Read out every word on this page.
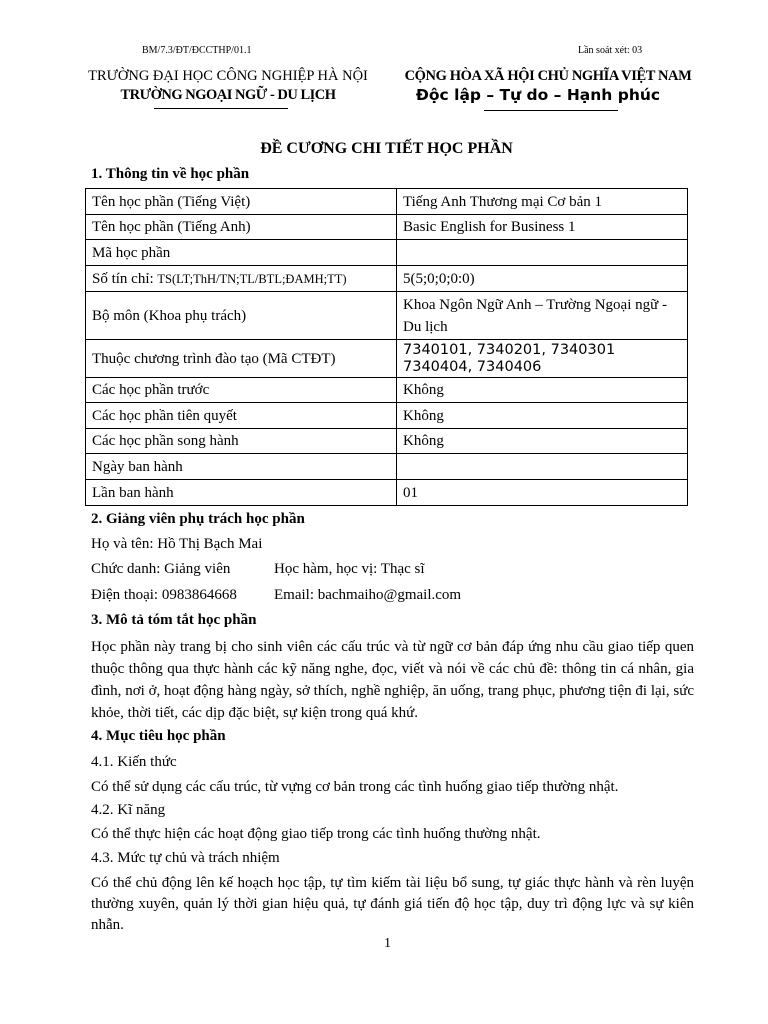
BM/7.3/ĐT/ĐCCTHP/01.1	Lần soát xét: 03
TRƯỜNG ĐẠI HỌC CÔNG NGHIỆP HÀ NỘI
TRƯỜNG NGOẠI NGỮ - DU LỊCH
CỘNG HÒA XÃ HỘI CHỦ NGHĨA VIỆT NAM
Độc lập – Tự do – Hạnh phúc
ĐỀ CƯƠNG CHI TIẾT HỌC PHẦN
1. Thông tin về học phần
Tên học phần (Tiếng Việt)	Tiếng Anh Thương mại Cơ bản 1
Tên học phần (Tiếng Anh)	Basic English for Business 1
Mã học phần	
Số tín chỉ: TS(LT;ThH/TN;TL/BTL;ĐAMH;TT)	5(5;0;0;0:0)
Bộ môn (Khoa phụ trách)	Khoa Ngôn Ngữ Anh – Trường Ngoại ngữ - Du lịch
Thuộc chương trình đào tạo (Mã CTĐT)	7340101, 7340201, 7340301
7340404, 7340406

Các học phần trước	Không
Các học phần tiên quyết	Không
Các học phần song hành	Không
Ngày ban hành	
Lần ban hành	01
2. Giảng viên phụ trách học phần
Họ và tên: Hồ Thị Bạch Mai
Chức danh: Giảng viên	Học hàm, học vị: Thạc sĩ
Điện thoại: 0983864668 Email: bachmaiho@gmail.com
3. Mô tả tóm tắt học phần
Học phần này trang bị cho sinh viên các cấu trúc và từ ngữ cơ bản đáp ứng nhu cầu giao tiếp quen thuộc thông qua thực hành các kỹ năng nghe, đọc, viết và nói về các chủ đề: thông tin cá nhân, gia đình, nơi ở, hoạt động hàng ngày, sở thích, nghề nghiệp, ăn uống, trang phục, phương tiện đi lại, sức khỏe, thời tiết, các dịp đặc biệt, sự kiện trong quá khứ.
4. Mục tiêu học phần
4.1. Kiến thức
Có thể sử dụng các cấu trúc, từ vựng cơ bản trong các tình huống giao tiếp thường nhật.
4.2. Kĩ năng
Có thể thực hiện các hoạt động giao tiếp trong các tình huống thường nhật.
4.3. Mức tự chủ và trách nhiệm
Có thể chủ động lên kế hoạch học tập, tự tìm kiếm tài liệu bổ sung, tự giác thực hành và rèn luyện thường xuyên, quản lý thời gian hiệu quả, tự đánh giá tiến độ học tập, duy trì động lực và sự kiên nhẫn.
1
